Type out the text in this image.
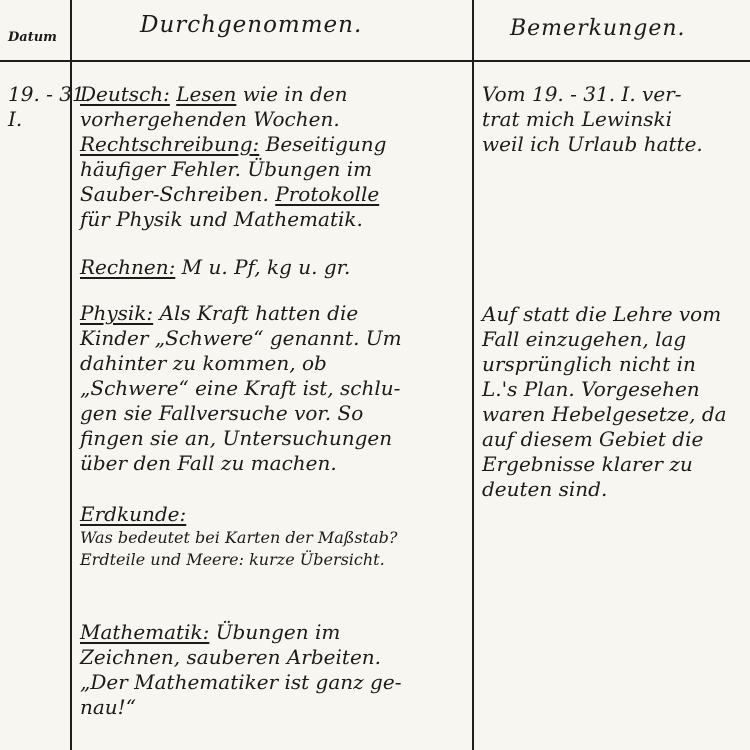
Datum	Durchgenommen.	Bemerkungen.
19. - 31.
I.
Deutsch: Lesen wie in den
vorhergehenden Wochen.
Rechtschreibung: Beseitigung
häufiger Fehler. Übungen im
Sauber-Schreiben. Protokolle
für Physik und Mathematik.
Rechnen: M u. Pf, kg u. gr.
Physik: Als Kraft hatten die
Kinder „Schwere“ genannt. Um
dahinter zu kommen, ob
„Schwere“ eine Kraft ist, schlu-
gen sie Fallversuche vor. So
fingen sie an, Untersuchungen
über den Fall zu machen.
Erdkunde:
Was bedeutet bei Karten der Maßstab?
Erdteile und Meere: kurze Übersicht.
Mathematik: Übungen im
Zeichnen, sauberen Arbeiten.
„Der Mathematiker ist ganz ge-
nau!“
Vom 19. - 31. I. ver-
trat mich Lewinski
weil ich Urlaub hatte.
Auf statt die Lehre vom
Fall einzugehen, lag
ursprünglich nicht in
L.'s Plan. Vorgesehen
waren Hebelgesetze, da
auf diesem Gebiet die
Ergebnisse klarer zu
deuten sind.
